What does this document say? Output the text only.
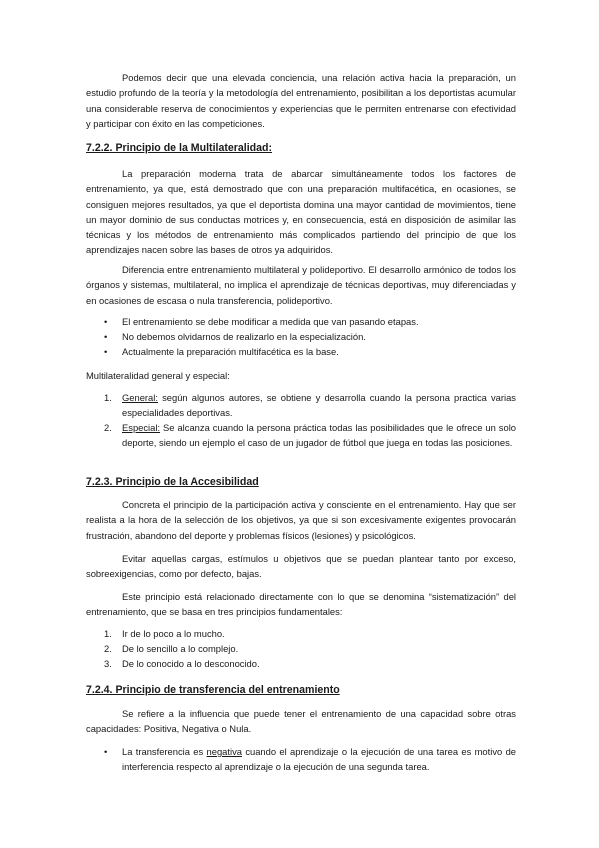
Podemos decir que una elevada conciencia, una relación activa hacia la preparación, un estudio profundo de la teoría y la metodología del entrenamiento, posibilitan a los deportistas acumular una considerable reserva de conocimientos y experiencias que le permiten entrenarse con efectividad y participar con éxito en las competiciones.

7.2.2. Principio de la Multilateralidad:

La preparación moderna trata de abarcar simultáneamente todos los factores de entrenamiento, ya que, está demostrado que con una preparación multifacética, en ocasiones, se consiguen mejores resultados, ya que el deportista domina una mayor cantidad de movimientos, tiene un mayor dominio de sus conductas motrices y, en consecuencia, está en disposición de asimilar las técnicas y los métodos de entrenamiento más complicados partiendo del principio de que los aprendizajes nacen sobre las bases de otros ya adquiridos.

Diferencia entre entrenamiento multilateral y polideportivo. El desarrollo armónico de todos los órganos y sistemas, multilateral, no implica el aprendizaje de técnicas deportivas, muy diferenciadas y en ocasiones de escasa o nula transferencia, polideportivo.

•	El entrenamiento se debe modificar a medida que van pasando etapas.
•	No debemos olvidarnos de realizarlo en la especialización.
•	Actualmente la preparación multifacética es la base.

Multilateralidad general y especial:

1.	General: según algunos autores, se obtiene y desarrolla cuando la persona practica varias especialidades deportivas.
2.	Especial: Se alcanza cuando la persona práctica todas las posibilidades que le ofrece un solo deporte, siendo un ejemplo el caso de un jugador de fútbol que juega en todas las posiciones.

7.2.3. Principio de la Accesibilidad

Concreta el principio de la participación activa y consciente en el entrenamiento. Hay que ser realista a la hora de la selección de los objetivos, ya que si son excesivamente exigentes provocarán frustración, abandono del deporte y problemas físicos (lesiones) y psicológicos.

Evitar aquellas cargas, estímulos u objetivos que se puedan plantear tanto por exceso, sobreexigencias, como por defecto, bajas.

Este principio está relacionado directamente con lo que se denomina “sistematización” del entrenamiento, que se basa en tres principios fundamentales:

1.	Ir de lo poco a lo mucho.
2.	De lo sencillo a lo complejo.
3.	De lo conocido a lo desconocido.

7.2.4. Principio de transferencia del entrenamiento

Se refiere a la influencia que puede tener el entrenamiento de una capacidad sobre otras capacidades: Positiva, Negativa o Nula.

•	La transferencia es negativa cuando el aprendizaje o la ejecución de una tarea es motivo de interferencia respecto al aprendizaje o la ejecución de una segunda tarea.
